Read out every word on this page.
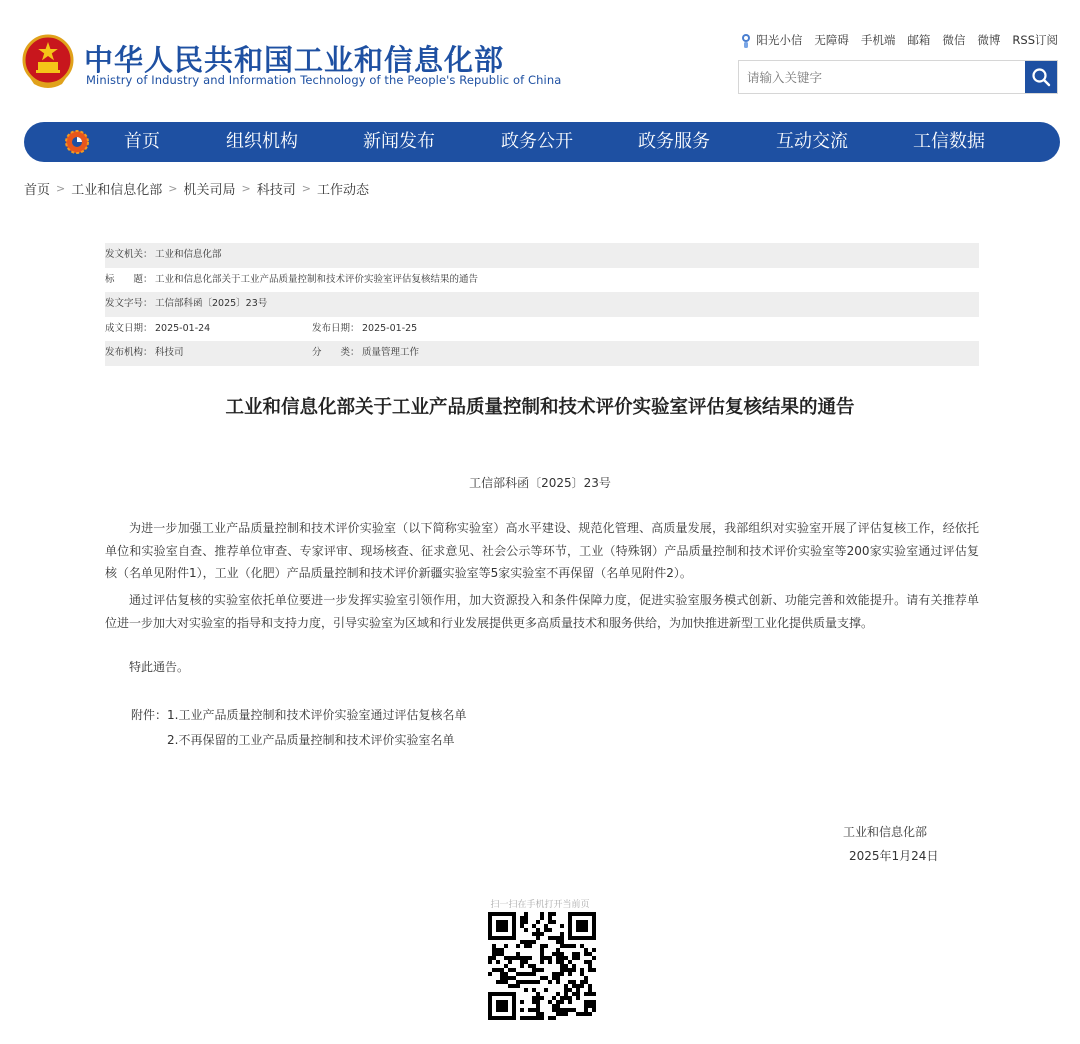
中华人民共和国工业和信息化部
Ministry of Industry and Information Technology of the People's Republic of China
阳光小信 无障碍 手机端 邮箱 微信 微博 RSS订阅
请输入关键字
首页	组织机构	新闻发布	政务公开	政务服务	互动交流	工信数据
首页 > 工业和信息化部 > 机关司局 > 科技司 > 工作动态
发文机关： 工业和信息化部
标　　题： 工业和信息化部关于工业产品质量控制和技术评价实验室评估复核结果的通告
发文字号： 工信部科函〔2025〕23号
成文日期： 2025-01-24	发布日期： 2025-01-25
发布机构： 科技司	分　　类： 质量管理工作
工业和信息化部关于工业产品质量控制和技术评价实验室评估复核结果的通告
工信部科函〔2025〕23号
为进一步加强工业产品质量控制和技术评价实验室（以下简称实验室）高水平建设、规范化管理、高质量发展，我部组织对实验室开展了评估复核工作，经依托单位和实验室自查、推荐单位审查、专家评审、现场核查、征求意见、社会公示等环节，工业（特殊钢）产品质量控制和技术评价实验室等200家实验室通过评估复核（名单见附件1），工业（化肥）产品质量控制和技术评价新疆实验室等5家实验室不再保留（名单见附件2）。
通过评估复核的实验室依托单位要进一步发挥实验室引领作用，加大资源投入和条件保障力度，促进实验室服务模式创新、功能完善和效能提升。请有关推荐单位进一步加大对实验室的指导和支持力度，引导实验室为区域和行业发展提供更多高质量技术和服务供给，为加快推进新型工业化提供质量支撑。
特此通告。
附件：1.工业产品质量控制和技术评价实验室通过评估复核名单
2.不再保留的工业产品质量控制和技术评价实验室名单
工业和信息化部
2025年1月24日
扫一扫在手机打开当前页
